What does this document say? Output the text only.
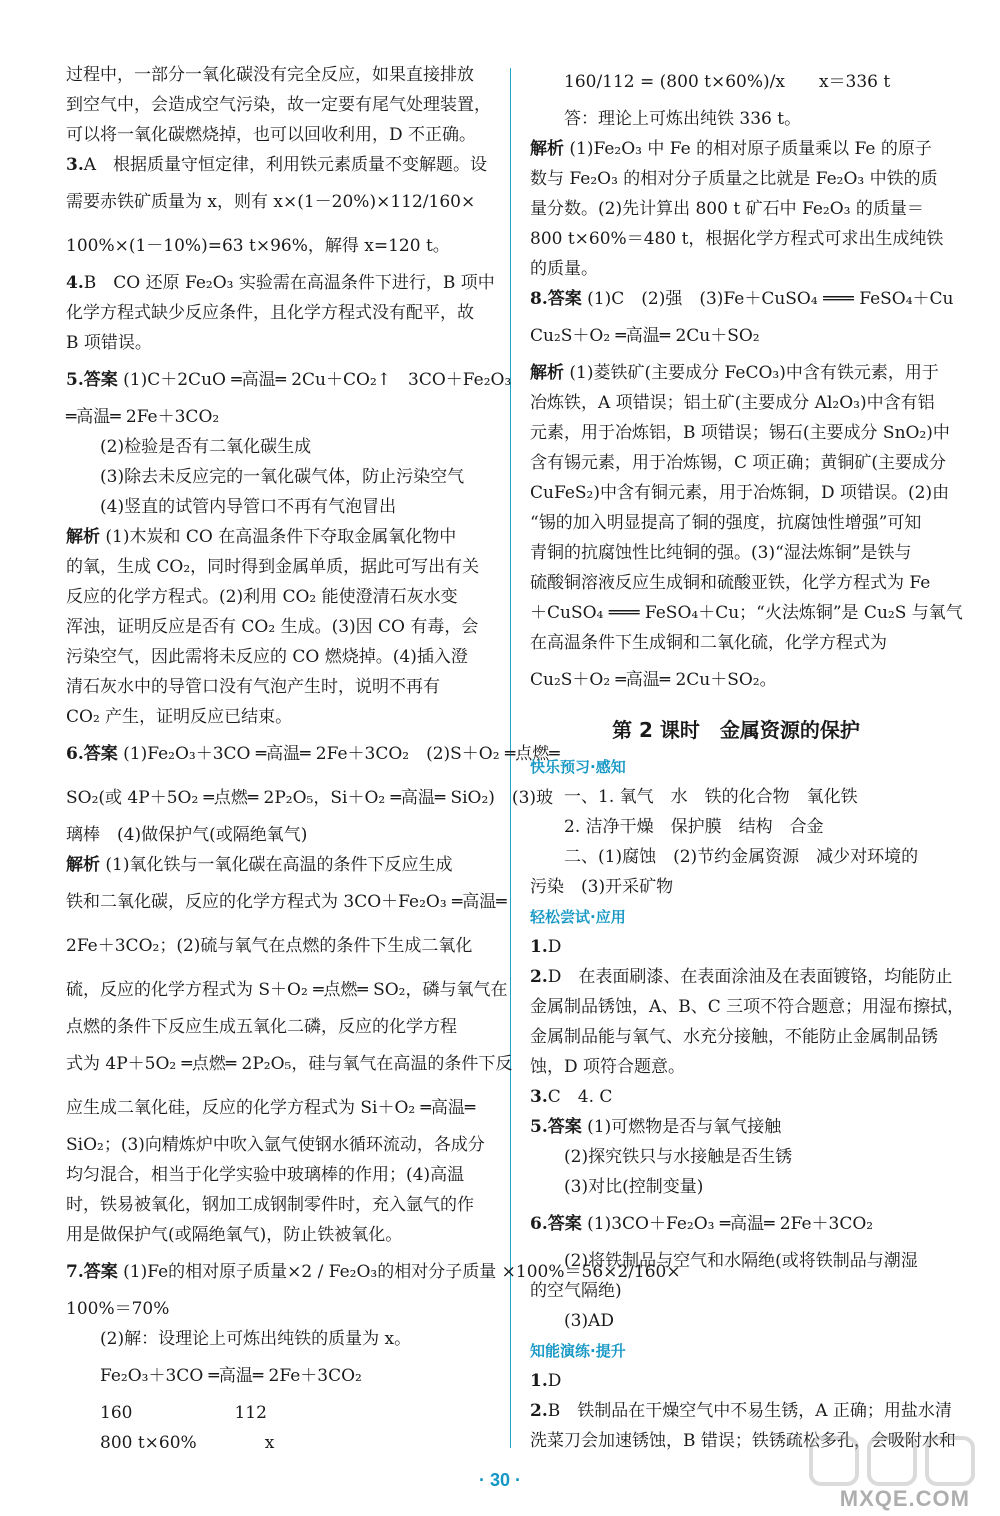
过程中，一部分一氧化碳没有完全反应，如果直接排放
到空气中，会造成空气污染，故一定要有尾气处理装置，
可以将一氧化碳燃烧掉，也可以回收利用，D 不正确。
3.A　根据质量守恒定律，利用铁元素质量不变解题。设
需要赤铁矿质量为 x，则有 x×(1－20%)×112/160×
100%×(1－10%)=63 t×96%，解得 x=120 t。
4.B　CO 还原 Fe₂O₃ 实验需在高温条件下进行，B 项中
化学方程式缺少反应条件，且化学方程式没有配平，故
B 项错误。
5.答案 (1)C＋2CuO ═高温═ 2Cu＋CO₂↑　3CO＋Fe₂O₃
═高温═ 2Fe＋3CO₂
(2)检验是否有二氧化碳生成
(3)除去未反应完的一氧化碳气体，防止污染空气
(4)竖直的试管内导管口不再有气泡冒出
解析 (1)木炭和 CO 在高温条件下夺取金属氧化物中
的氧，生成 CO₂，同时得到金属单质，据此可写出有关
反应的化学方程式。(2)利用 CO₂ 能使澄清石灰水变
浑浊，证明反应是否有 CO₂ 生成。(3)因 CO 有毒，会
污染空气，因此需将未反应的 CO 燃烧掉。(4)插入澄
清石灰水中的导管口没有气泡产生时，说明不再有
CO₂ 产生，证明反应已结束。
6.答案 (1)Fe₂O₃＋3CO ═高温═ 2Fe＋3CO₂　(2)S＋O₂ ═点燃═
SO₂(或 4P＋5O₂ ═点燃═ 2P₂O₅，Si＋O₂ ═高温═ SiO₂)　(3)玻
璃棒　(4)做保护气(或隔绝氧气)
解析 (1)氧化铁与一氧化碳在高温的条件下反应生成
铁和二氧化碳，反应的化学方程式为 3CO＋Fe₂O₃ ═高温═
2Fe＋3CO₂；(2)硫与氧气在点燃的条件下生成二氧化
硫，反应的化学方程式为 S＋O₂ ═点燃═ SO₂，磷与氧气在
点燃的条件下反应生成五氧化二磷，反应的化学方程
式为 4P＋5O₂ ═点燃═ 2P₂O₅，硅与氧气在高温的条件下反
应生成二氧化硅，反应的化学方程式为 Si＋O₂ ═高温═
SiO₂；(3)向精炼炉中吹入氩气使钢水循环流动，各成分
均匀混合，相当于化学实验中玻璃棒的作用；(4)高温
时，铁易被氧化，钢加工成钢制零件时，充入氩气的作
用是做保护气(或隔绝氧气)，防止铁被氧化。
7.答案 (1)Fe的相对原子质量×2 / Fe₂O₃的相对分子质量 ×100%＝56×2/160×
100%＝70%
(2)解：设理论上可炼出纯铁的质量为 x。
Fe₂O₃＋3CO ═高温═ 2Fe＋3CO₂
160　　　　　　112
800 t×60%　　　　x
160/112 = (800 t×60%)/x　　x＝336 t
答：理论上可炼出纯铁 336 t。
解析 (1)Fe₂O₃ 中 Fe 的相对原子质量乘以 Fe 的原子
数与 Fe₂O₃ 的相对分子质量之比就是 Fe₂O₃ 中铁的质
量分数。(2)先计算出 800 t 矿石中 Fe₂O₃ 的质量＝
800 t×60%＝480 t，根据化学方程式可求出生成纯铁
的质量。
8.答案 (1)C　(2)强　(3)Fe＋CuSO₄ ═══ FeSO₄＋Cu
Cu₂S＋O₂ ═高温═ 2Cu＋SO₂
解析 (1)菱铁矿(主要成分 FeCO₃)中含有铁元素，用于
冶炼铁，A 项错误；铝土矿(主要成分 Al₂O₃)中含有铝
元素，用于冶炼铝，B 项错误；锡石(主要成分 SnO₂)中
含有锡元素，用于冶炼锡，C 项正确；黄铜矿(主要成分
CuFeS₂)中含有铜元素，用于冶炼铜，D 项错误。(2)由
“锡的加入明显提高了铜的强度，抗腐蚀性增强”可知
青铜的抗腐蚀性比纯铜的强。(3)“湿法炼铜”是铁与
硫酸铜溶液反应生成铜和硫酸亚铁，化学方程式为 Fe
＋CuSO₄ ═══ FeSO₄＋Cu；“火法炼铜”是 Cu₂S 与氧气
在高温条件下生成铜和二氧化硫，化学方程式为
Cu₂S＋O₂ ═高温═ 2Cu＋SO₂。
第 2 课时　金属资源的保护
快乐预习·感知
一、1. 氧气　水　铁的化合物　氧化铁
2. 洁净干燥　保护膜　结构　合金
二、(1)腐蚀　(2)节约金属资源　减少对环境的
污染　(3)开采矿物
轻松尝试·应用
1.D
2.D　在表面刷漆、在表面涂油及在表面镀铬，均能防止
金属制品锈蚀，A、B、C 三项不符合题意；用湿布擦拭，
金属制品能与氧气、水充分接触，不能防止金属制品锈
蚀，D 项符合题意。
3.C　4. C
5.答案 (1)可燃物是否与氧气接触
(2)探究铁只与水接触是否生锈
(3)对比(控制变量)
6.答案 (1)3CO＋Fe₂O₃ ═高温═ 2Fe＋3CO₂
(2)将铁制品与空气和水隔绝(或将铁制品与潮湿
的空气隔绝)
(3)AD
知能演练·提升
1.D
2.B　铁制品在干燥空气中不易生锈，A 正确；用盐水清
洗菜刀会加速锈蚀，B 错误；铁锈疏松多孔，会吸附水和
· 30 ·
MXQE.COM
